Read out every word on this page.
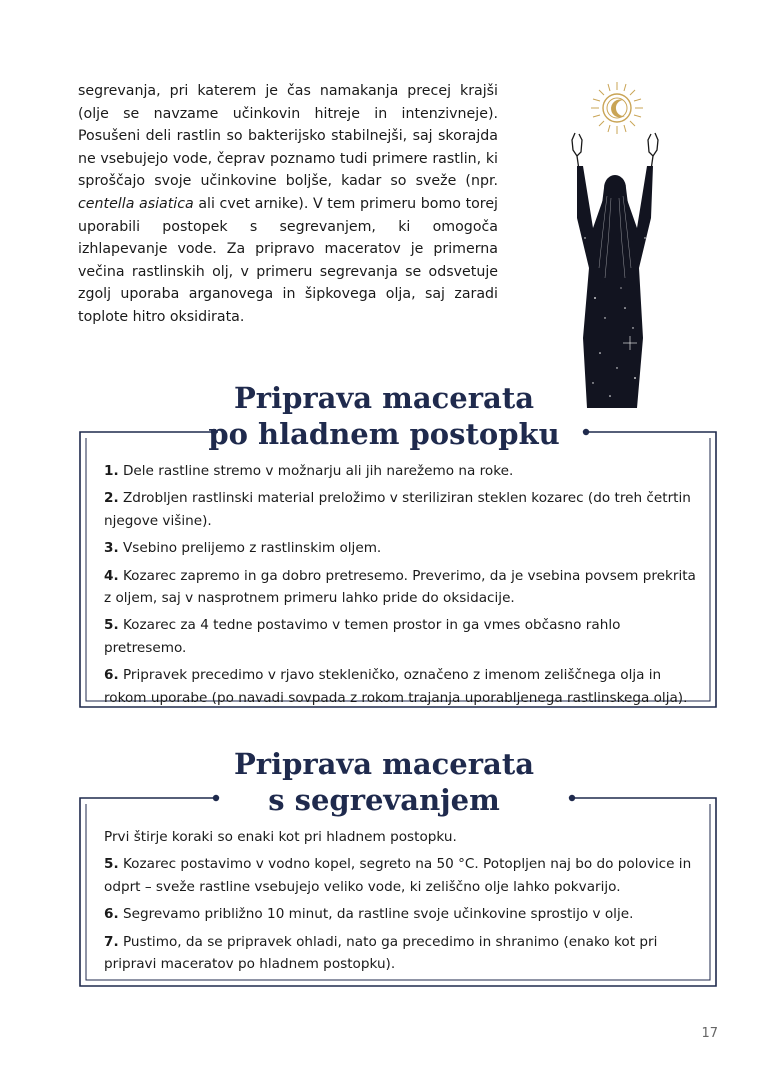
segrevanja, pri katerem je čas namakanja precej krajši (olje se navzame učinkovin hitreje in intenzivneje). Posušeni deli rastlin so bakterijsko stabilnejši, saj skorajda ne vsebujejo vode, čeprav poznamo tudi primere rastlin, ki sproščajo svoje učinkovine boljše, kadar so sveže (npr. centella asiatica ali cvet arnike). V tem primeru bomo torej uporabili postopek s segrevanjem, ki omogoča izhlapevanje vode. Za pripravo maceratov je primerna večina rastlinskih olj, v primeru segrevanja se odsvetuje zgolj uporaba arganovega in šipkovega olja, saj zaradi toplote hitro oksidirata.

Priprava macerata
po hladnem postopku

1. Dele rastline stremo v možnarju ali jih narežemo na roke.

2. Zdrobljen rastlinski material preložimo v steriliziran steklen kozarec (do treh četrtin njegove višine).

3. Vsebino prelijemo z rastlinskim oljem.

4. Kozarec zapremo in ga dobro pretresemo. Preverimo, da je vsebina povsem prekrita z oljem, saj v nasprotnem primeru lahko pride do oksidacije.

5. Kozarec za 4 tedne postavimo v temen prostor in ga vmes občasno rahlo pretresemo.

6. Pripravek precedimo v rjavo stekleničko, označeno z imenom zeliščnega olja in rokom uporabe (po navadi sovpada z rokom trajanja uporabljenega rastlinskega olja).

Priprava macerata
s segrevanjem

Prvi štirje koraki so enaki kot pri hladnem postopku.

5. Kozarec postavimo v vodno kopel, segreto na 50 °C. Potopljen naj bo do polovice in odprt – sveže rastline vsebujejo veliko vode, ki zeliščno olje lahko pokvarijo.

6. Segrevamo približno 10 minut, da rastline svoje učinkovine sprostijo v olje.

7. Pustimo, da se pripravek ohladi, nato ga precedimo in shranimo (enako kot pri pripravi maceratov po hladnem postopku).

17
